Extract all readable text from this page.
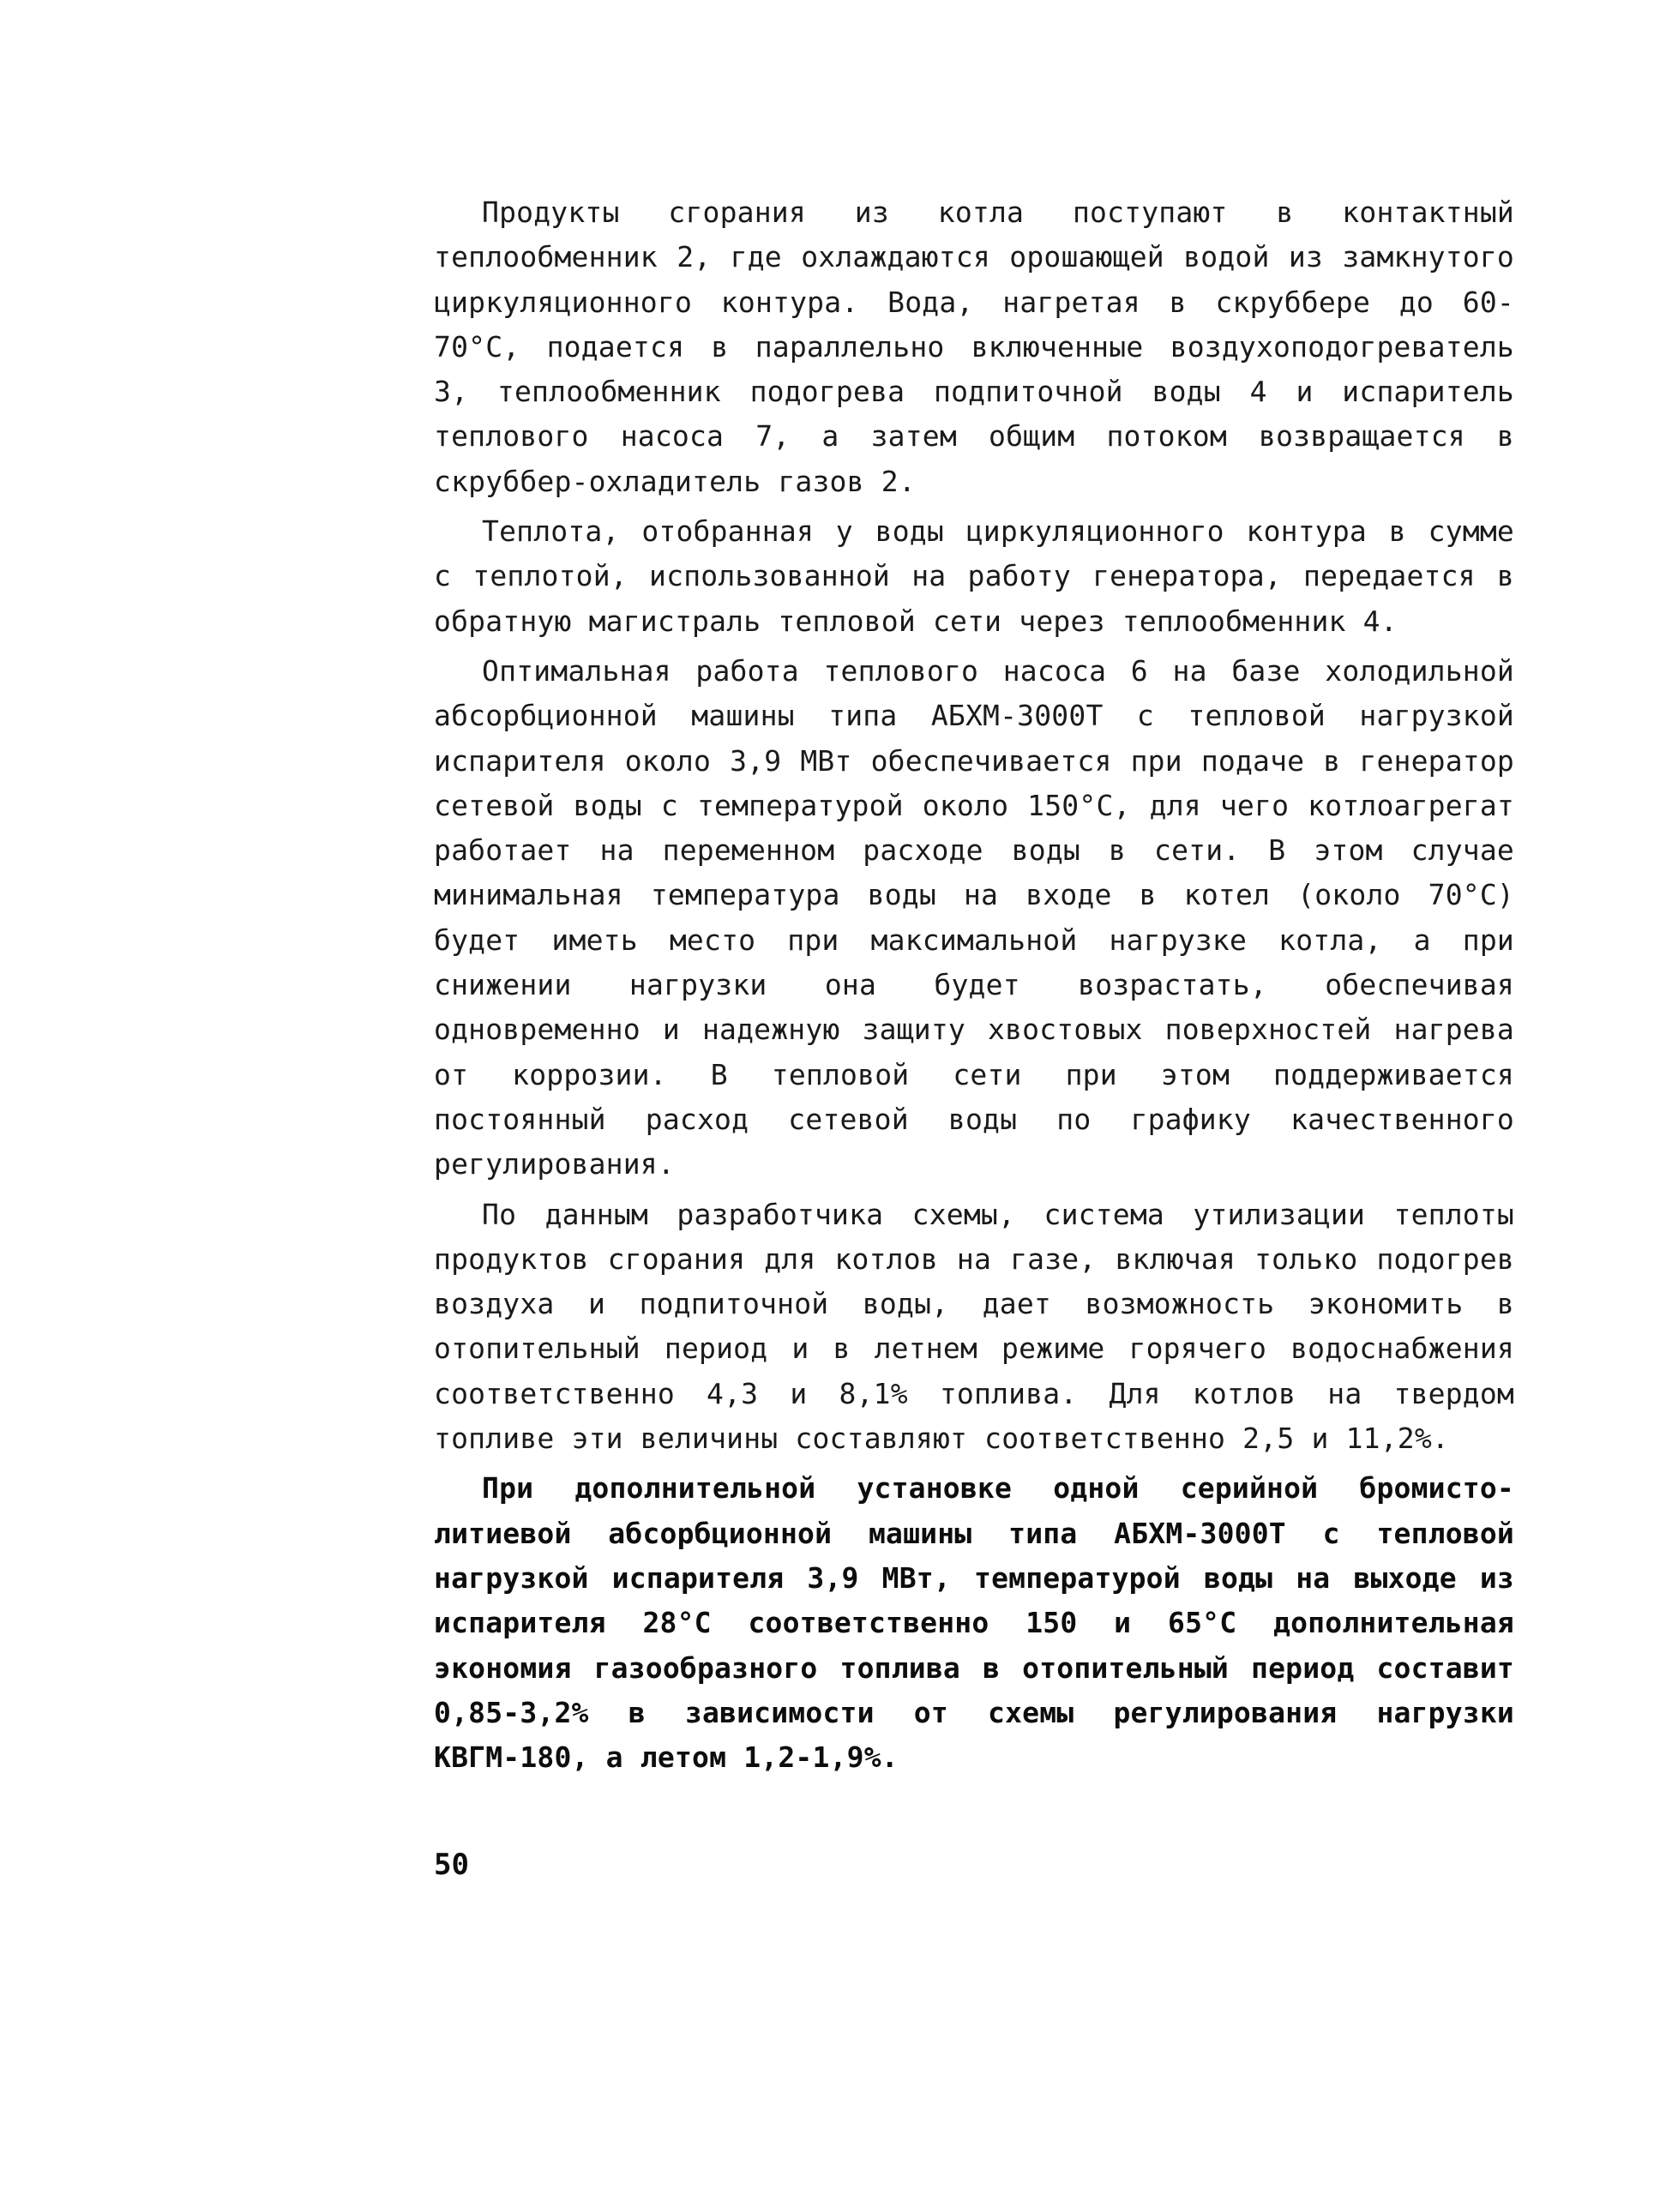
Продукты сгорания из котла поступают в контактный теплообменник 2, где охлаждаются орошающей водой из замкнутого циркуляционного контура. Вода, нагретая в скруббере до 60-70°С, подается в параллельно включенные воздухоподогреватель 3, теплообменник подогрева подпиточной воды 4 и испаритель теплового насоса 7, а затем общим потоком возвращается в скруббер-охладитель газов 2.

Теплота, отобранная у воды циркуляционного контура в сумме с теплотой, использованной на работу генератора, передается в обратную магистраль тепловой сети через теплообменник 4.

Оптимальная работа теплового насоса 6 на базе холодильной абсорбционной машины типа АБХМ-3000Т с тепловой нагрузкой испарителя около 3,9 МВт обеспечивается при подаче в генератор сетевой воды с температурой около 150°С, для чего котлоагрегат работает на переменном расходе воды в сети. В этом случае минимальная температура воды на входе в котел (около 70°С) будет иметь место при максимальной нагрузке котла, а при снижении нагрузки она будет возрастать, обеспечивая одновременно и надежную защиту хвостовых поверхностей нагрева от коррозии. В тепловой сети при этом поддерживается постоянный расход сетевой воды по графику качественного регулирования.

По данным разработчика схемы, система утилизации теплоты продуктов сгорания для котлов на газе, включая только подогрев воздуха и подпиточной воды, дает возможность экономить в отопительный период и в летнем режиме горячего водоснабжения соответственно 4,3 и 8,1% топлива. Для котлов на твердом топливе эти величины составляют соответственно 2,5 и 11,2%.

При дополнительной установке одной серийной бромисто-литиевой абсорбционной машины типа АБХМ-3000Т с тепловой нагрузкой испарителя 3,9 МВт, температурой воды на выходе из испарителя 28°С соответственно 150 и 65°С дополнительная экономия газообразного топлива в отопительный период составит 0,85-3,2% в зависимости от схемы регулирования нагрузки КВГМ-180, а летом 1,2-1,9%.

50
